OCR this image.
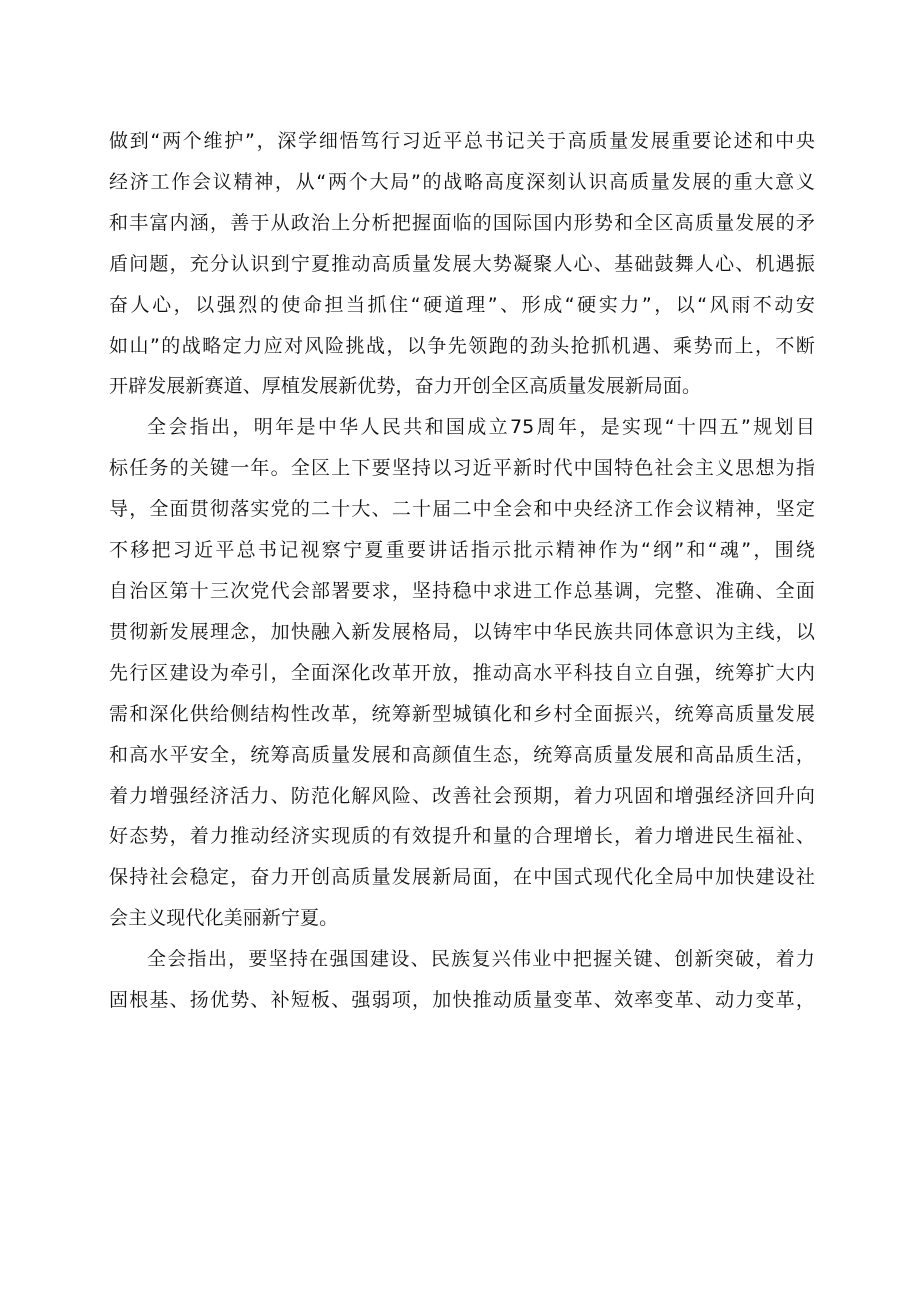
做到“两个维护”，深学细悟笃行习近平总书记关于高质量发展重要论述和中央
经济工作会议精神，从“两个大局”的战略高度深刻认识高质量发展的重大意义
和丰富内涵，善于从政治上分析把握面临的国际国内形势和全区高质量发展的矛
盾问题，充分认识到宁夏推动高质量发展大势凝聚人心、基础鼓舞人心、机遇振
奋人心，以强烈的使命担当抓住“硬道理”、形成“硬实力”，以“风雨不动安
如山”的战略定力应对风险挑战，以争先领跑的劲头抢抓机遇、乘势而上，不断
开辟发展新赛道、厚植发展新优势，奋力开创全区高质量发展新局面。

全会指出，明年是中华人民共和国成立75周年，是实现“十四五”规划目
标任务的关键一年。全区上下要坚持以习近平新时代中国特色社会主义思想为指
导，全面贯彻落实党的二十大、二十届二中全会和中央经济工作会议精神，坚定
不移把习近平总书记视察宁夏重要讲话指示批示精神作为“纲”和“魂”，围绕
自治区第十三次党代会部署要求，坚持稳中求进工作总基调，完整、准确、全面
贯彻新发展理念，加快融入新发展格局，以铸牢中华民族共同体意识为主线，以
先行区建设为牵引，全面深化改革开放，推动高水平科技自立自强，统筹扩大内
需和深化供给侧结构性改革，统筹新型城镇化和乡村全面振兴，统筹高质量发展
和高水平安全，统筹高质量发展和高颜值生态，统筹高质量发展和高品质生活，
着力增强经济活力、防范化解风险、改善社会预期，着力巩固和增强经济回升向
好态势，着力推动经济实现质的有效提升和量的合理增长，着力增进民生福祉、
保持社会稳定，奋力开创高质量发展新局面，在中国式现代化全局中加快建设社
会主义现代化美丽新宁夏。

全会指出，要坚持在强国建设、民族复兴伟业中把握关键、创新突破，着力
固根基、扬优势、补短板、强弱项，加快推动质量变革、效率变革、动力变革，
